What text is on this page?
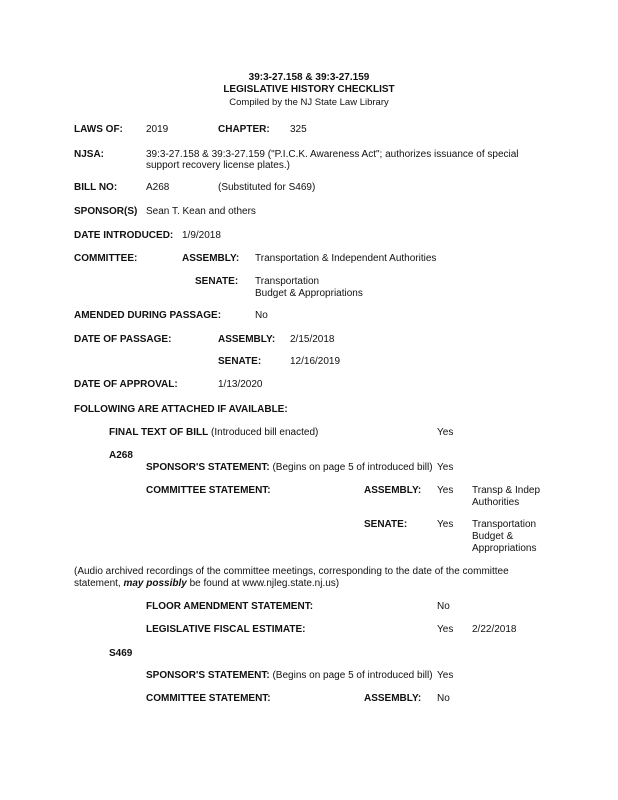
39:3-27.158 & 39:3-27.159
LEGISLATIVE HISTORY CHECKLIST
Compiled by the NJ State Law Library
LAWS OF: 2019	CHAPTER: 325
NJSA:	39:3-27.158 & 39:3-27.159 ("P.I.C.K. Awareness Act"; authorizes issuance of special
support recovery license plates.)
BILL NO:	A268	(Substituted for S469)
SPONSOR(S) Sean T. Kean and others
DATE INTRODUCED: 1/9/2018
COMMITTEE:	ASSEMBLY: Transportation & Independent Authorities
SENATE: Transportation
Budget & Appropriations
AMENDED DURING PASSAGE:	No
DATE OF PASSAGE:	ASSEMBLY: 2/15/2018
SENATE:	12/16/2019
DATE OF APPROVAL:	1/13/2020
FOLLOWING ARE ATTACHED IF AVAILABLE:
FINAL TEXT OF BILL (Introduced bill enacted)	Yes
A268
SPONSOR'S STATEMENT: (Begins on page 5 of introduced bill) Yes
COMMITTEE STATEMENT:	ASSEMBLY: Yes Transp & Indep
Authorities
SENATE:	Yes Transportation
Budget &
Appropriations
(Audio archived recordings of the committee meetings, corresponding to the date of the committee
statement, may possibly be found at www.njleg.state.nj.us)
FLOOR AMENDMENT STATEMENT:	No
LEGISLATIVE FISCAL ESTIMATE:	Yes 2/22/2018
S469
SPONSOR'S STATEMENT: (Begins on page 5 of introduced bill) Yes
COMMITTEE STATEMENT:	ASSEMBLY: No
